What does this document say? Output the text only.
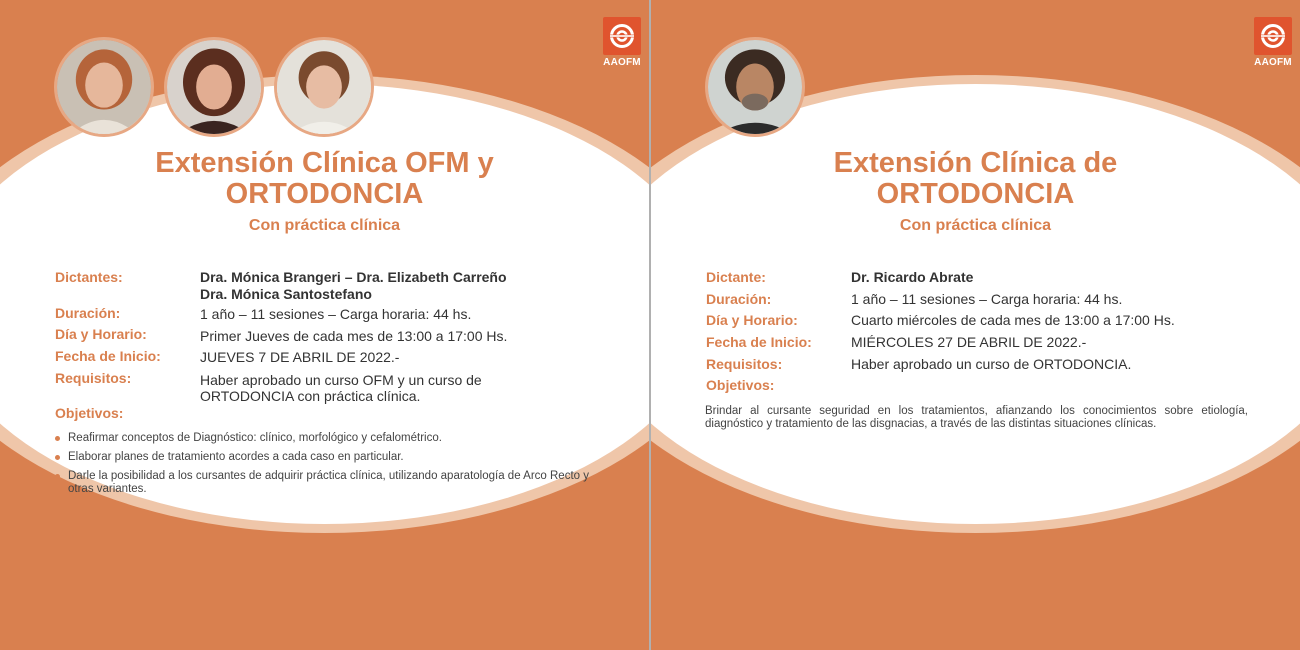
AAOFM
Extensión Clínica OFM y
ORTODONCIA
Con práctica clínica
Dictantes:	Dra. Mónica Brangeri – Dra. Elizabeth Carreño
Dra. Mónica Santostefano
Duración:	1 año – 11 sesiones – Carga horaria: 44 hs.
Día y Horario:	Primer Jueves de cada mes de 13:00 a 17:00 Hs.
Fecha de Inicio:	JUEVES 7 DE ABRIL DE 2022.-
Requisitos:	Haber aprobado un curso OFM y un curso de
ORTODONCIA con práctica clínica.
Objetivos:
Reafirmar conceptos de Diagnóstico: clínico, morfológico y cefalométrico.
Elaborar planes de tratamiento acordes a cada caso en particular.
Darle la posibilidad a los cursantes de adquirir práctica clínica, utilizando aparatología de Arco Recto y otras variantes.
AAOFM
Extensión Clínica de
ORTODONCIA
Con práctica clínica
Dictante:	Dr. Ricardo Abrate
Duración:	1 año – 11 sesiones – Carga horaria: 44 hs.
Día y Horario:	Cuarto miércoles de cada mes de 13:00 a 17:00 Hs.
Fecha de Inicio:	MIÉRCOLES 27 DE ABRIL DE 2022.-
Requisitos:	Haber aprobado un curso de ORTODONCIA.
Objetivos:
Brindar al cursante seguridad en los tratamientos, afianzando los conocimientos sobre etiología, diagnóstico y tratamiento de las disgnacias, a través de las distintas situaciones clínicas.
